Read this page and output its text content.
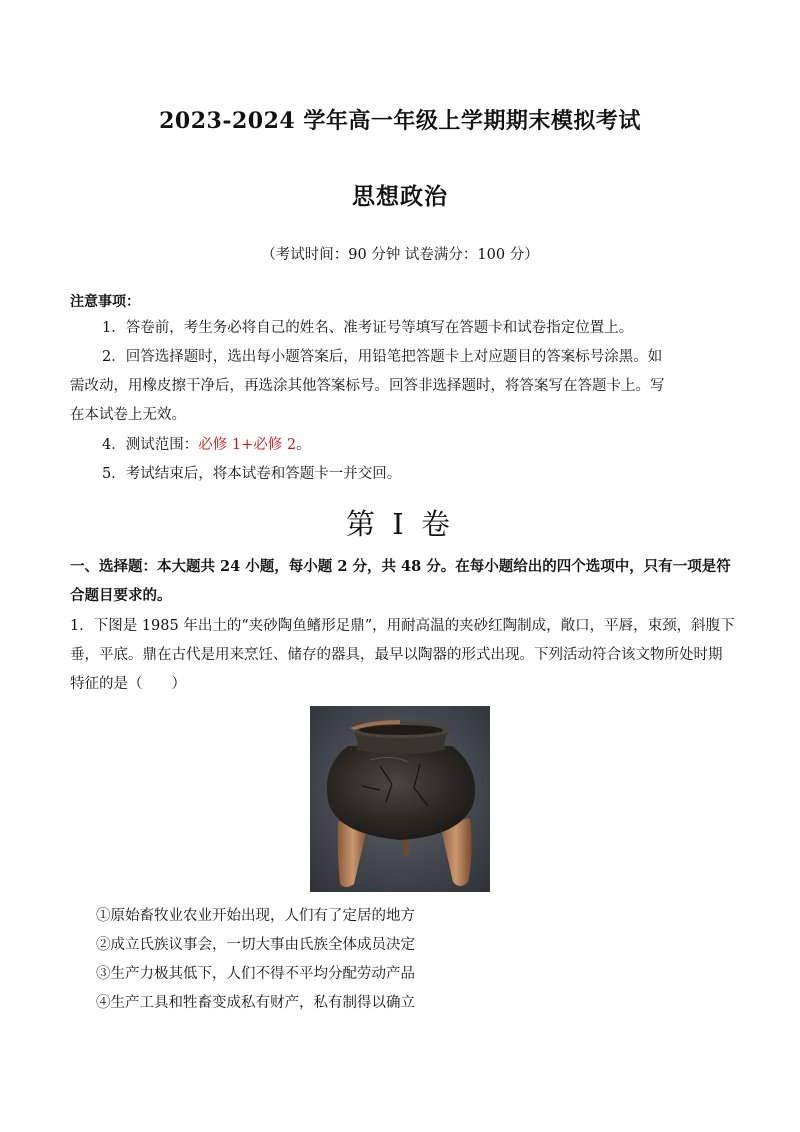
2023-2024 学年高一年级上学期期末模拟考试
思想政治
（考试时间：90 分钟 试卷满分：100 分）
注意事项：
1．答卷前，考生务必将自己的姓名、准考证号等填写在答题卡和试卷指定位置上。
2．回答选择题时，选出每小题答案后，用铅笔把答题卡上对应题目的答案标号涂黑。如
需改动，用橡皮擦干净后，再选涂其他答案标号。回答非选择题时，将答案写在答题卡上。写
在本试卷上无效。
4．测试范围：必修 1+必修 2。
5．考试结束后，将本试卷和答题卡一并交回。
第 I 卷
一、选择题：本大题共 24 小题，每小题 2 分，共 48 分。在每小题给出的四个选项中，只有一项是符合题目要求的。
1．下图是 1985 年出土的“夹砂陶鱼鳍形足鼎”，用耐高温的夹砂红陶制成，敞口，平唇，束颈，斜腹下垂，平底。鼎在古代是用来烹饪、储存的器具，最早以陶器的形式出现。下列活动符合该文物所处时期特征的是（　　）
①原始畜牧业农业开始出现，人们有了定居的地方
②成立氏族议事会，一切大事由氏族全体成员决定
③生产力极其低下，人们不得不平均分配劳动产品
④生产工具和牲畜变成私有财产，私有制得以确立
